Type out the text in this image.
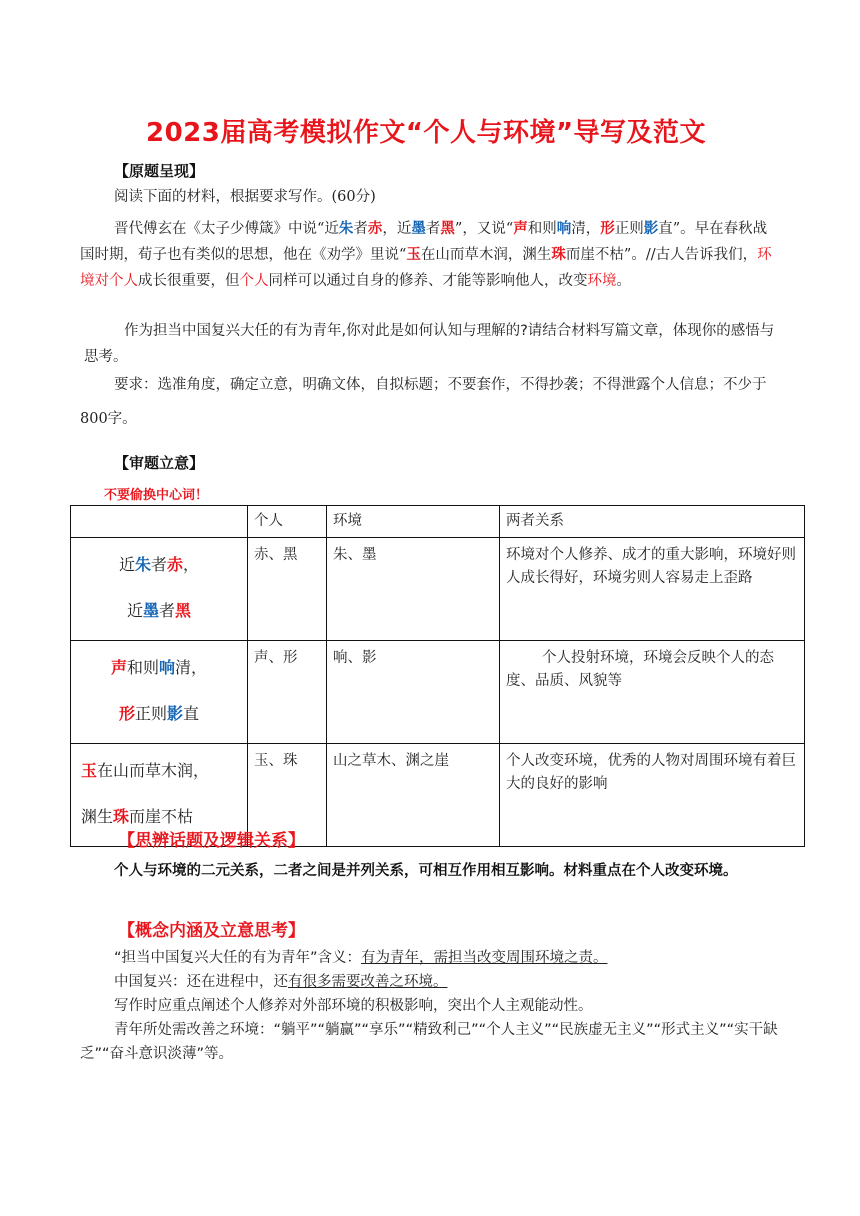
2023届高考模拟作文“个人与环境”导写及范文
【原题呈现】
阅读下面的材料，根据要求写作。(60分)
晋代傅玄在《太子少傅箴》中说“近朱者赤，近墨者黑”，又说“声和则响清，形正则影直”。早在春秋战国时期，荀子也有类似的思想，他在《劝学》里说“玉在山而草木润，渊生珠而崖不枯”。//古人告诉我们，环境对个人成长很重要，但个人同样可以通过自身的修养、才能等影响他人，改变环境。
作为担当中国复兴大任的有为青年,你对此是如何认知与理解的?请结合材料写篇文章，体现你的感悟与思考。
要求：选准角度，确定立意，明确文体，自拟标题；不要套作，不得抄袭；不得泄露个人信息；不少于800字。
【审题立意】
不要偷换中心词！
	个人	环境	两者关系

近朱者赤，
近墨者黑	赤、黑	朱、墨	环境对个人修养、成才的重大影响，环境好则人成长得好，环境劣则人容易走上歪路

声和则响清，
形正则影直	声、形	响、影	个人投射环境，环境会反映个人的态度、品质、风貌等

玉在山而草木润，
渊生珠而崖不枯	玉、珠	山之草木、渊之崖	个人改变环境，优秀的人物对周围环境有着巨大的良好的影响
【思辨话题及逻辑关系】
个人与环境的二元关系，二者之间是并列关系，可相互作用相互影响。材料重点在个人改变环境。
【概念内涵及立意思考】
“担当中国复兴大任的有为青年”含义：有为青年，需担当改变周围环境之责。
中国复兴：还在进程中，还有很多需要改善之环境。
写作时应重点阐述个人修养对外部环境的积极影响，突出个人主观能动性。
青年所处需改善之环境：“躺平”“躺赢”“享乐”“精致利己”“个人主义”“民族虚无主义”“形式主义”“实干缺乏”“奋斗意识淡薄”等。
